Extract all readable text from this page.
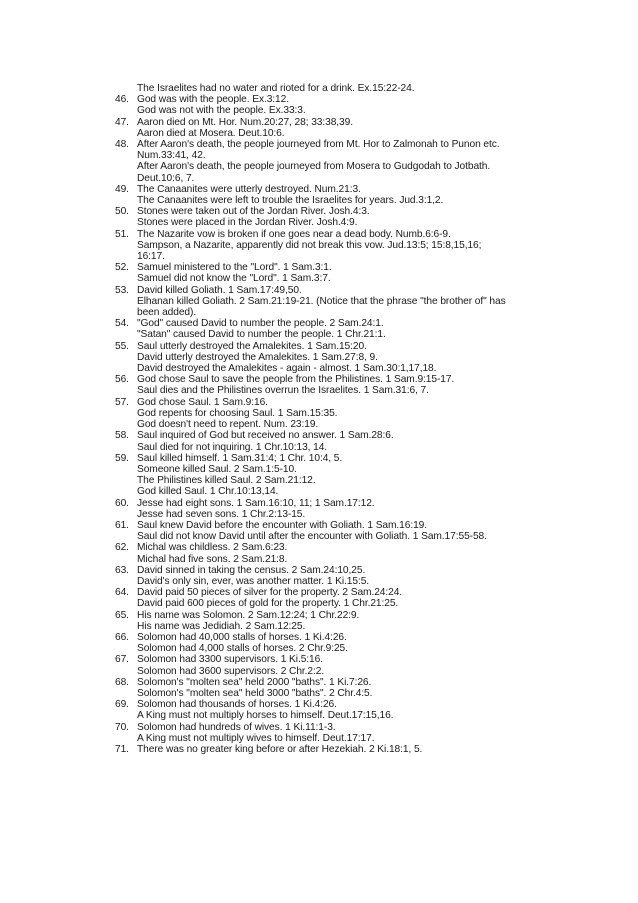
The Israelites had no water and rioted for a drink. Ex.15:22-24.
46. God was with the people. Ex.3:12.
God was not with the people. Ex.33:3.
47. Aaron died on Mt. Hor. Num.20:27, 28; 33:38,39.
Aaron died at Mosera. Deut.10:6.
48. After Aaron's death, the people journeyed from Mt. Hor to Zalmonah to Punon etc.
Num.33:41, 42.
After Aaron's death, the people journeyed from Mosera to Gudgodah to Jotbath.
Deut.10:6, 7.
49. The Canaanites were utterly destroyed. Num.21:3.
The Canaanites were left to trouble the Israelites for years. Jud.3:1,2.
50. Stones were taken out of the Jordan River. Josh.4:3.
Stones were placed in the Jordan River. Josh.4:9.
51. The Nazarite vow is broken if one goes near a dead body. Numb.6:6-9.
Sampson, a Nazarite, apparently did not break this vow. Jud.13:5; 15:8,15,16;
16:17.
52. Samuel ministered to the "Lord". 1 Sam.3:1.
Samuel did not know the "Lord". 1 Sam.3:7.
53. David killed Goliath. 1 Sam.17:49,50.
Elhanan killed Goliath. 2 Sam.21:19-21. (Notice that the phrase "the brother of" has
been added).
54. "God" caused David to number the people. 2 Sam.24:1.
"Satan" caused David to number the people. 1 Chr.21:1.
55. Saul utterly destroyed the Amalekites. 1 Sam.15:20.
David utterly destroyed the Amalekites. 1 Sam.27:8, 9.
David destroyed the Amalekites - again - almost. 1 Sam.30:1,17,18.
56. God chose Saul to save the people from the Philistines. 1 Sam.9:15-17.
Saul dies and the Philistines overrun the Israelites. 1 Sam.31:6, 7.
57. God chose Saul. 1 Sam.9:16.
God repents for choosing Saul. 1 Sam.15:35.
God doesn't need to repent. Num. 23:19.
58. Saul inquired of God but received no answer. 1 Sam.28:6.
Saul died for not inquiring. 1 Chr.10:13, 14.
59. Saul killed himself. 1 Sam.31:4; 1 Chr. 10:4, 5.
Someone killed Saul. 2 Sam.1:5-10.
The Philistines killed Saul. 2 Sam.21:12.
God killed Saul. 1 Chr.10:13,14.
60. Jesse had eight sons. 1 Sam.16:10, 11; 1 Sam.17:12.
Jesse had seven sons. 1 Chr.2:13-15.
61. Saul knew David before the encounter with Goliath. 1 Sam.16:19.
Saul did not know David until after the encounter with Goliath. 1 Sam.17:55-58.
62. Michal was childless. 2 Sam.6:23.
Michal had five sons. 2 Sam.21:8.
63. David sinned in taking the census. 2 Sam.24:10,25.
David's only sin, ever, was another matter. 1 Ki.15:5.
64. David paid 50 pieces of silver for the property. 2 Sam.24:24.
David paid 600 pieces of gold for the property. 1 Chr.21:25.
65. His name was Solomon. 2 Sam.12:24; 1 Chr.22:9.
His name was Jedidiah. 2 Sam.12:25.
66. Solomon had 40,000 stalls of horses. 1 Ki.4:26.
Solomon had 4,000 stalls of horses. 2 Chr.9:25.
67. Solomon had 3300 supervisors. 1 Ki.5:16.
Solomon had 3600 supervisors. 2 Chr.2:2.
68. Solomon's "molten sea" held 2000 "baths". 1 Ki.7:26.
Solomon's "molten sea" held 3000 "baths". 2 Chr.4:5.
69. Solomon had thousands of horses. 1 Ki.4:26.
A King must not multiply horses to himself. Deut.17:15,16.
70. Solomon had hundreds of wives. 1 Ki.11:1-3.
A King must not multiply wives to himself. Deut.17:17.
71. There was no greater king before or after Hezekiah. 2 Ki.18:1, 5.
